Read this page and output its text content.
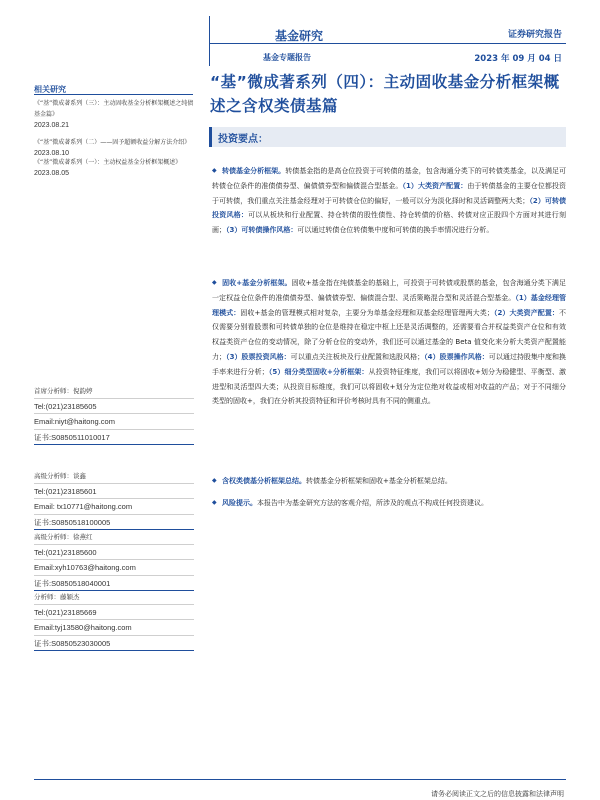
基金研究
基金专题报告
证券研究报告
2023 年 09 月 04 日
“基”微成著系列（四）：主动固收基金分析框架概述之含权类债基篇
投资要点：
◆ 转债基金分析框架。转债基金指的是高仓位投资于可转债的基金，包含海通分类下的可转债类基金，以及满足可转债仓位条件的准债债券型、偏债债券型和偏债混合型基金。（1）大类资产配置：由于转债基金的主要仓位都投资于可转债，我们重点关注基金经理对于可转债仓位的偏好，一般可以分为淡化择时和灵活调整两大类；（2）可转债投资风格：可以从板块和行业配置、持仓转债的股性债性、持仓转债的价格、转债对应正股四个方面对其进行刻画；（3）可转债操作风格：可以通过转债仓位转债集中度和可转债的换手率情况进行分析。
◆ 固收+基金分析框架。固收+基金指在纯债基金的基础上，可投资于可转债或股票的基金，包含海通分类下满足一定权益仓位条件的准债债券型、偏债债券型、偏债混合型、灵活策略混合型和灵活混合型基金。（1）基金经理管理模式：固收+基金的管理模式相对复杂，主要分为单基金经理和双基金经理管理两大类；（2）大类资产配置：不仅需要分别看股票和可转债单独的仓位是维持在稳定中枢上还是灵活调整的，还需要看合并权益类资产仓位和有效权益类资产仓位的变动情况，除了分析仓位的变动外，我们还可以通过基金的 Beta 值变化来分析大类资产配置能力；（3）股票投资风格：可以重点关注板块及行业配置和选股风格；（4）股票操作风格：可以通过持股集中度和换手率来进行分析；（5）细分类型固收+分析框架：从投资特征维度，我们可以将固收+划分为稳健型、平衡型、激进型和灵活型四大类；从投资目标维度，我们可以将固收+划分为定位绝对收益或相对收益的产品；对于不同细分类型的固收+，我们在分析其投资特征和评价考核时具有不同的侧重点。
◆ 含权类债基分析框架总结。转债基金分析框架和固收+基金分析框架总结。
◆ 风险提示。本报告中为基金研究方法的客观介绍，所涉及的观点不构成任何投资建议。
相关研究
《“基”微成著系列（三）：主动固收基金分析框架概述之纯债基金篇》
2023.08.21
《“基”微成著系列（二）——固予超额收益分解方法介绍》 2023.08.10
《“基”微成著系列（一）：主动权益基金分析框架概述》 2023.08.05
首席分析师：倪韵婷
Tel:(021)23185605
Email:niyt@haitong.com
证书:S0850511010017
高级分析师：谈鑫
Tel:(021)23185601
Email: tx10771@haitong.com
证书:S0850518100005
高级分析师：徐燕红
Tel:(021)23185600
Email:xyh10763@haitong.com
证书:S0850518040001
分析师：藤颖杰
Tel:(021)23185669
Email:tyj13580@haitong.com
证书:S0850523030005
请务必阅读正文之后的信息披露和法律声明
